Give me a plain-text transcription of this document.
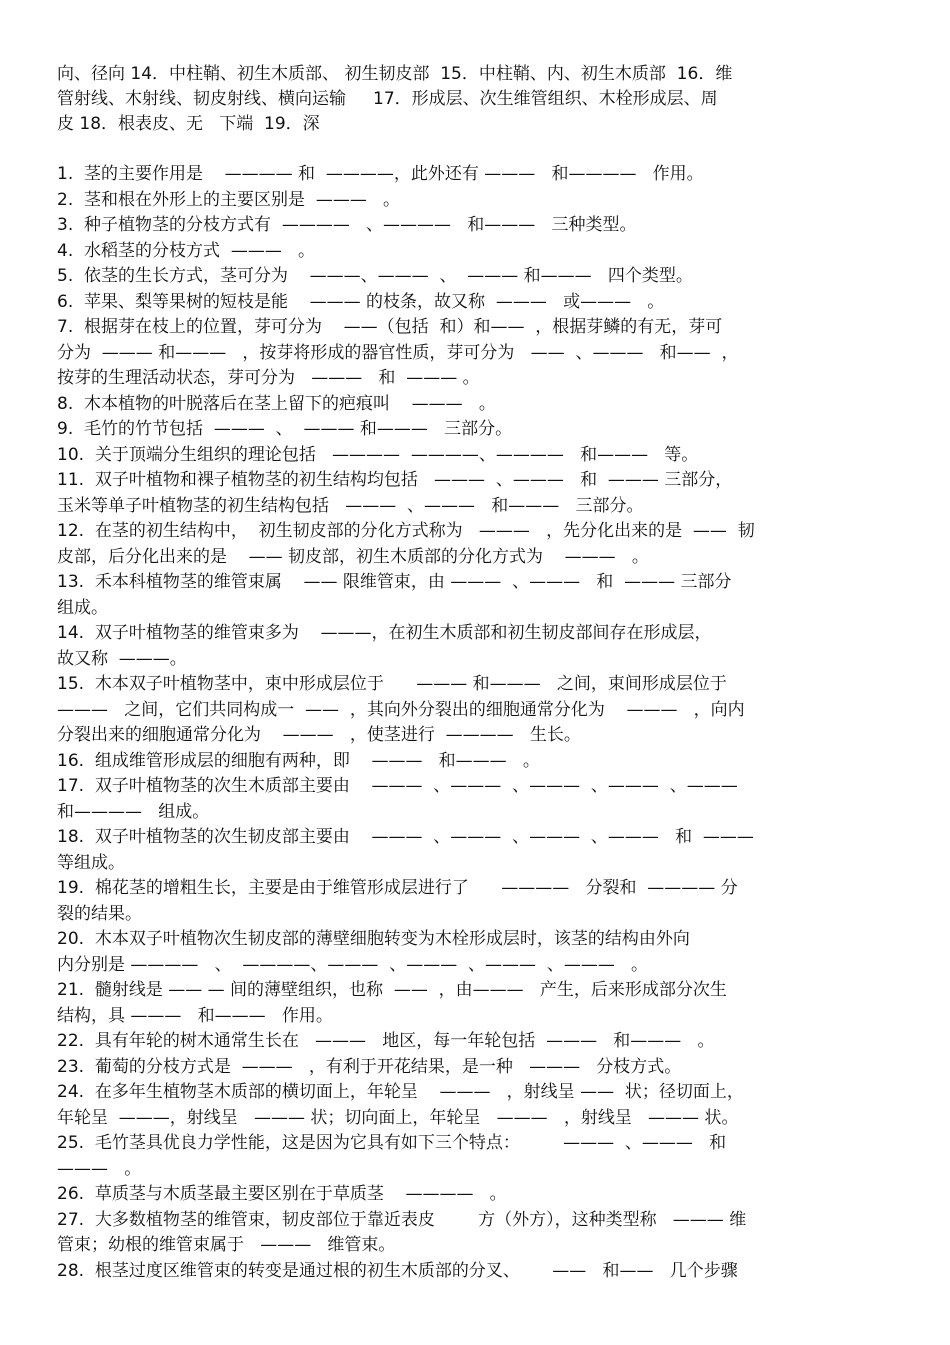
向、径向 14．中柱鞘、初生木质部、 初生韧皮部  15．中柱鞘、内、初生木质部  16．维
管射线、木射线、韧皮射线、横向运输     17．形成层、次生维管组织、木栓形成层、周
皮 18．根表皮、无   下端  19．深
1.  茎的主要作用是    ———— 和  ————，此外还有 ———   和————   作用。
2.  茎和根在外形上的主要区别是  ———   。
3.  种子植物茎的分枝方式有  ————   、————   和———   三种类型。
4.  水稻茎的分枝方式  ———   。
5.  依茎的生长方式，茎可分为    ———、———  、  ——— 和———   四个类型。
6.  苹果、梨等果树的短枝是能    ——— 的枝条，故又称  ———   或———   。
7.  根据芽在枝上的位置，芽可分为    ——（包括  和）和——  ，根据芽鳞的有无，芽可
分为  ——— 和———   ，按芽将形成的器官性质，芽可分为   ——  、———   和——  ，
按芽的生理活动状态，芽可分为   ———   和  ——— 。
8.  木本植物的叶脱落后在茎上留下的疤痕叫    ———   。
9.  毛竹的竹节包括  ———  、  ——— 和———   三部分。
10.  关于顶端分生组织的理论包括   ————  ————、————   和———   等。
11.  双子叶植物和裸子植物茎的初生结构均包括   ———  、———   和  ——— 三部分，
玉米等单子叶植物茎的初生结构包括   ———  、———   和———   三部分。
12.  在茎的初生结构中，  初生韧皮部的分化方式称为   ———   ，先分化出来的是  ——  韧
皮部，后分化出来的是    —— 韧皮部，初生木质部的分化方式为    ———   。
13.  禾本科植物茎的维管束属    —— 限维管束，由 ———  、———   和  ——— 三部分
组成。
14.  双子叶植物茎的维管束多为    ———，在初生木质部和初生韧皮部间存在形成层，
故又称  ———。
15.  木本双子叶植物茎中，束中形成层位于      ——— 和———   之间，束间形成层位于
———   之间，它们共同构成一  ——  ，其向外分裂出的细胞通常分化为    ———   ，向内
分裂出来的细胞通常分化为    ———   ，使茎进行  ————   生长。
16.  组成维管形成层的细胞有两种，即    ———   和———   。
17.  双子叶植物茎的次生木质部主要由    ———  、———  、———  、———  、———
和————   组成。
18.  双子叶植物茎的次生韧皮部主要由    ———  、———  、———  、———   和  ———
等组成。
19.  棉花茎的增粗生长，主要是由于维管形成层进行了      ————   分裂和  ———— 分
裂的结果。
20.  木本双子叶植物次生韧皮部的薄壁细胞转变为木栓形成层时，该茎的结构由外向
内分别是 ————   、  ————、———  、———  、———  、———   。
21.  髓射线是 —— — 间的薄壁组织，也称  ——  ，由———   产生，后来形成部分次生
结构，具 ———   和———   作用。
22.  具有年轮的树木通常生长在   ———   地区，每一年轮包括  ———   和———   。
23.  葡萄的分枝方式是  ———   ，有利于开花结果，是一种   ———   分枝方式。
24.  在多年生植物茎木质部的横切面上，年轮呈    ———   ，射线呈 ——  状；径切面上，
年轮呈  ———，射线呈   ——— 状；切向面上，年轮呈   ———   ，射线呈   ——— 状。
25.  毛竹茎具优良力学性能，这是因为它具有如下三个特点：        ———  、———   和
———   。
26.  草质茎与木质茎最主要区别在于草质茎    ————   。
27.  大多数植物茎的维管束，韧皮部位于靠近表皮        方（外方），这种类型称   ——— 维
管束；幼根的维管束属于   ———   维管束。
28.  根茎过度区维管束的转变是通过根的初生木质部的分叉、      ——   和——   几个步骤
